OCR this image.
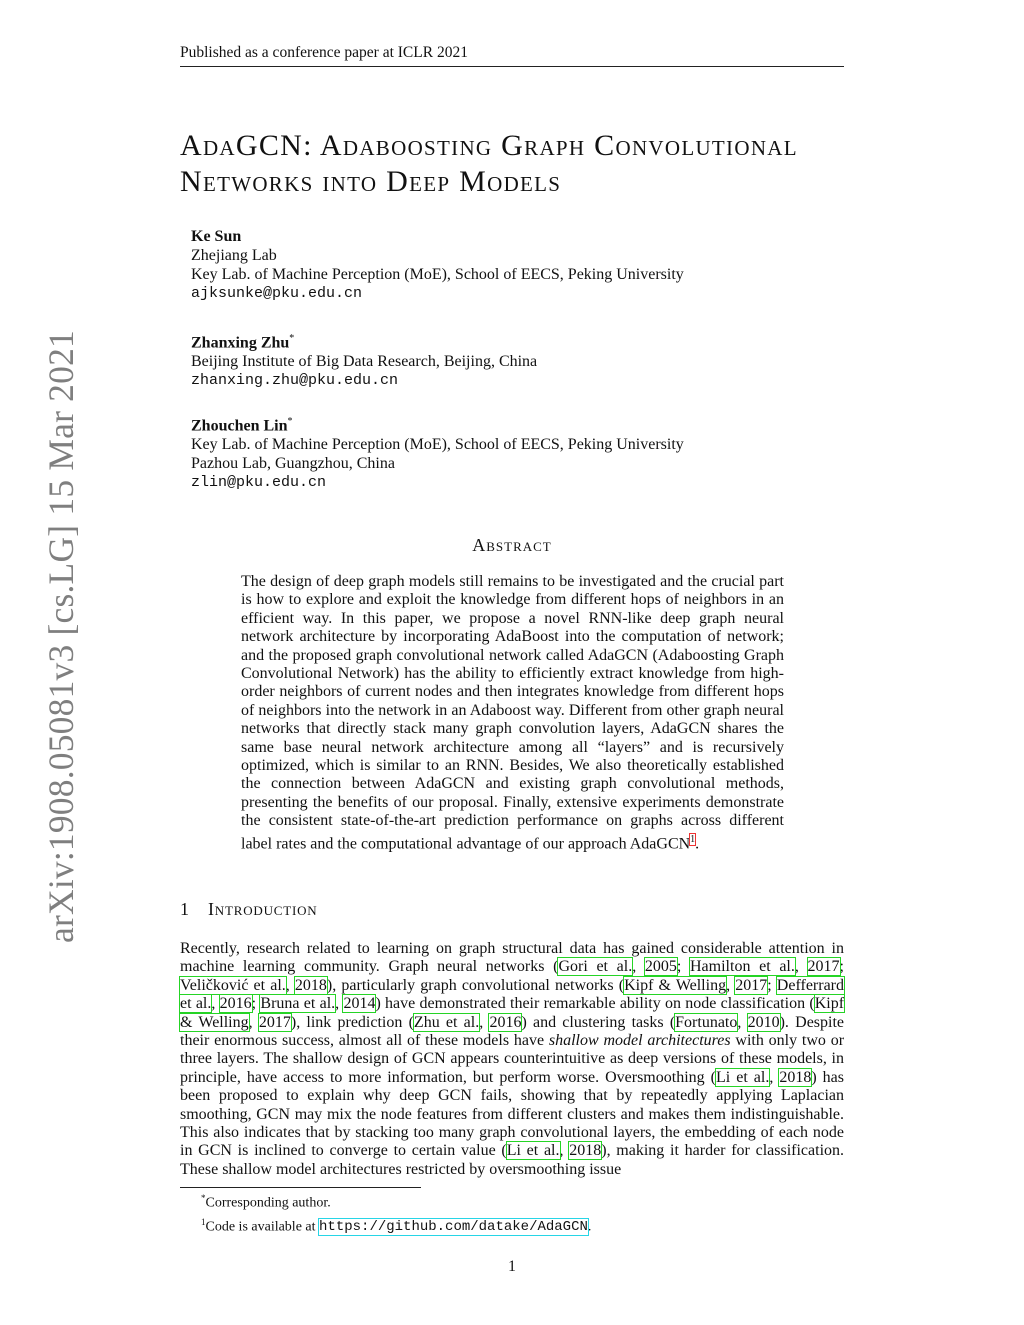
Published as a conference paper at ICLR 2021
arXiv:1908.05081v3 [cs.LG] 15 Mar 2021
AdaGCN: Adaboosting Graph Convolutional
Networks into Deep Models
Ke Sun
Zhejiang Lab
Key Lab. of Machine Perception (MoE), School of EECS, Peking University
ajksunke@pku.edu.cn
Zhanxing Zhu*
Beijing Institute of Big Data Research, Beijing, China
zhanxing.zhu@pku.edu.cn
Zhouchen Lin*
Key Lab. of Machine Perception (MoE), School of EECS, Peking University
Pazhou Lab, Guangzhou, China
zlin@pku.edu.cn
Abstract
The design of deep graph models still remains to be investigated and the crucial part is how to explore and exploit the knowledge from different hops of neighbors in an efficient way. In this paper, we propose a novel RNN-like deep graph neural network architecture by incorporating AdaBoost into the computation of network; and the proposed graph convolutional network called AdaGCN (Adaboosting Graph Convolutional Network) has the ability to efficiently extract knowledge from high-order neighbors of current nodes and then integrates knowledge from different hops of neighbors into the network in an Adaboost way. Different from other graph neural networks that directly stack many graph convolution layers, AdaGCN shares the same base neural network architecture among all “layers” and is recursively optimized, which is similar to an RNN. Besides, We also theoretically established the connection between AdaGCN and existing graph convolutional methods, presenting the benefits of our proposal. Finally, extensive experiments demonstrate the consistent state-of-the-art prediction performance on graphs across different label rates and the computational advantage of our approach AdaGCN$^1$.
1 Introduction
Recently, research related to learning on graph structural data has gained considerable attention in machine learning community. Graph neural networks (Gori et al., 2005; Hamilton et al., 2017; Veličković et al., 2018), particularly graph convolutional networks (Kipf & Welling, 2017; Defferrard et al., 2016; Bruna et al., 2014) have demonstrated their remarkable ability on node classification (Kipf & Welling, 2017), link prediction (Zhu et al., 2016) and clustering tasks (Fortunato, 2010). Despite their enormous success, almost all of these models have shallow model architectures with only two or three layers. The shallow design of GCN appears counterintuitive as deep versions of these models, in principle, have access to more information, but perform worse. Oversmoothing (Li et al., 2018) has been proposed to explain why deep GCN fails, showing that by repeatedly applying Laplacian smoothing, GCN may mix the node features from different clusters and makes them indistinguishable. This also indicates that by stacking too many graph convolutional layers, the embedding of each node in GCN is inclined to converge to certain value (Li et al., 2018), making it harder for classification. These shallow model architectures restricted by oversmoothing issue
*Corresponding author.
$^1$Code is available at https://github.com/datake/AdaGCN.
1
